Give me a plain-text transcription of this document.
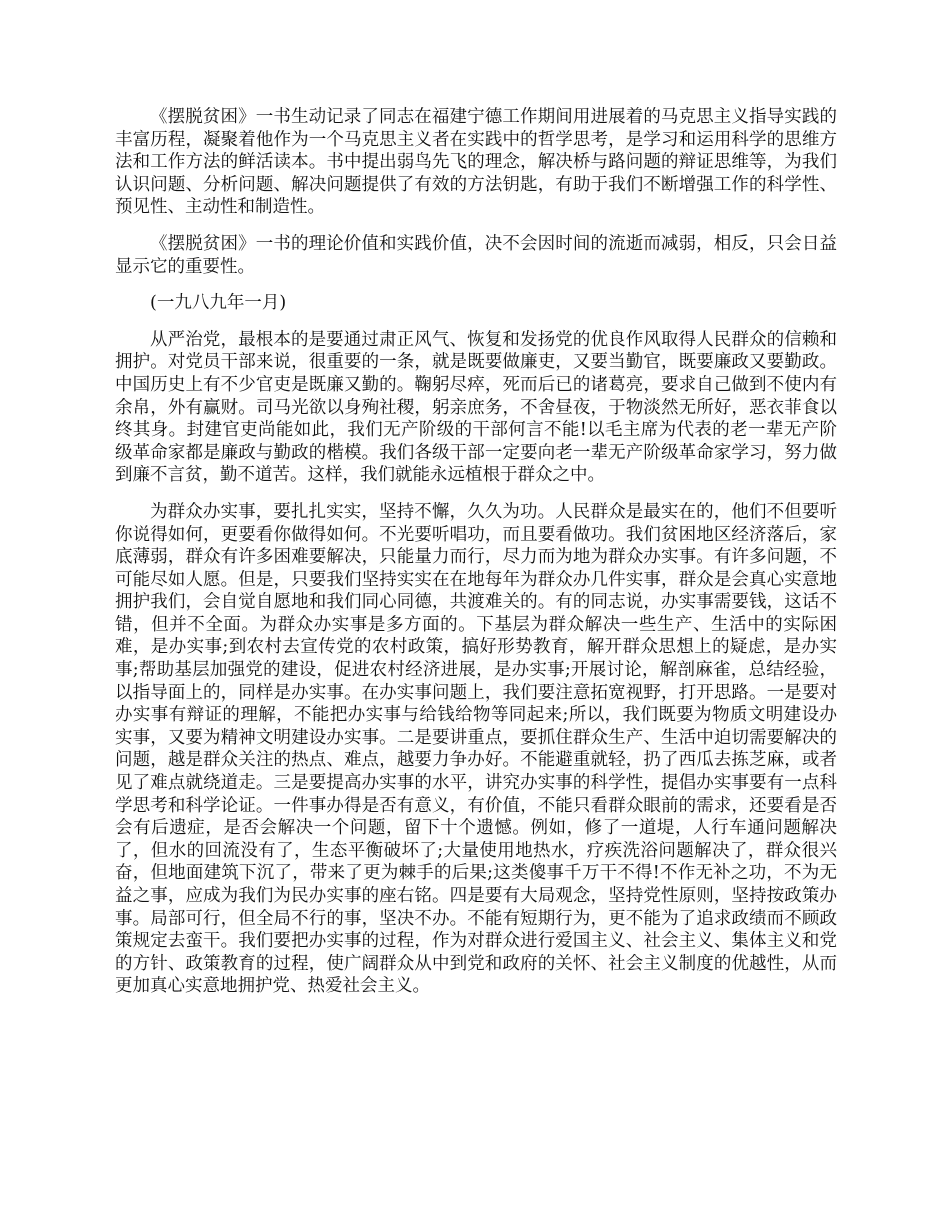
《摆脱贫困》一书生动记录了同志在福建宁德工作期间用进展着的马克思主义指导实践的丰富历程，凝聚着他作为一个马克思主义者在实践中的哲学思考，是学习和运用科学的思维方法和工作方法的鲜活读本。书中提出弱鸟先飞的理念，解决桥与路问题的辩证思维等，为我们认识问题、分析问题、解决问题提供了有效的方法钥匙，有助于我们不断增强工作的科学性、预见性、主动性和制造性。

《摆脱贫困》一书的理论价值和实践价值，决不会因时间的流逝而减弱，相反，只会日益显示它的重要性。

(一九八九年一月)

从严治党，最根本的是要通过肃正风气、恢复和发扬党的优良作风取得人民群众的信赖和拥护。对党员干部来说，很重要的一条，就是既要做廉吏，又要当勤官，既要廉政又要勤政。中国历史上有不少官吏是既廉又勤的。鞠躬尽瘁，死而后已的诸葛亮，要求自己做到不使内有余帛，外有赢财。司马光欲以身殉社稷，躬亲庶务，不舍昼夜，于物淡然无所好，恶衣菲食以终其身。封建官吏尚能如此，我们无产阶级的干部何言不能!以毛主席为代表的老一辈无产阶级革命家都是廉政与勤政的楷模。我们各级干部一定要向老一辈无产阶级革命家学习，努力做到廉不言贫，勤不道苦。这样，我们就能永远植根于群众之中。

为群众办实事，要扎扎实实，坚持不懈，久久为功。人民群众是最实在的，他们不但要听你说得如何，更要看你做得如何。不光要听唱功，而且要看做功。我们贫困地区经济落后，家底薄弱，群众有许多困难要解决，只能量力而行，尽力而为地为群众办实事。有许多问题，不可能尽如人愿。但是，只要我们坚持实实在在地每年为群众办几件实事，群众是会真心实意地拥护我们，会自觉自愿地和我们同心同德，共渡难关的。有的同志说，办实事需要钱，这话不错，但并不全面。为群众办实事是多方面的。下基层为群众解决一些生产、生活中的实际困难，是办实事;到农村去宣传党的农村政策，搞好形势教育，解开群众思想上的疑虑，是办实事;帮助基层加强党的建设，促进农村经济进展，是办实事;开展讨论，解剖麻雀，总结经验，以指导面上的，同样是办实事。在办实事问题上，我们要注意拓宽视野，打开思路。一是要对办实事有辩证的理解，不能把办实事与给钱给物等同起来;所以，我们既要为物质文明建设办实事，又要为精神文明建设办实事。二是要讲重点，要抓住群众生产、生活中迫切需要解决的问题，越是群众关注的热点、难点，越要力争办好。不能避重就轻，扔了西瓜去拣芝麻，或者见了难点就绕道走。三是要提高办实事的水平，讲究办实事的科学性，提倡办实事要有一点科学思考和科学论证。一件事办得是否有意义，有价值，不能只看群众眼前的需求，还要看是否会有后遗症，是否会解决一个问题，留下十个遗憾。例如，修了一道堤，人行车通问题解决了，但水的回流没有了，生态平衡破坏了;大量使用地热水，疗疾洗浴问题解决了，群众很兴奋，但地面建筑下沉了，带来了更为棘手的后果;这类傻事千万干不得!不作无补之功，不为无益之事，应成为我们为民办实事的座右铭。四是要有大局观念，坚持党性原则，坚持按政策办事。局部可行，但全局不行的事，坚决不办。不能有短期行为，更不能为了追求政绩而不顾政策规定去蛮干。我们要把办实事的过程，作为对群众进行爱国主义、社会主义、集体主义和党的方针、政策教育的过程，使广阔群众从中到党和政府的关怀、社会主义制度的优越性，从而更加真心实意地拥护党、热爱社会主义。
